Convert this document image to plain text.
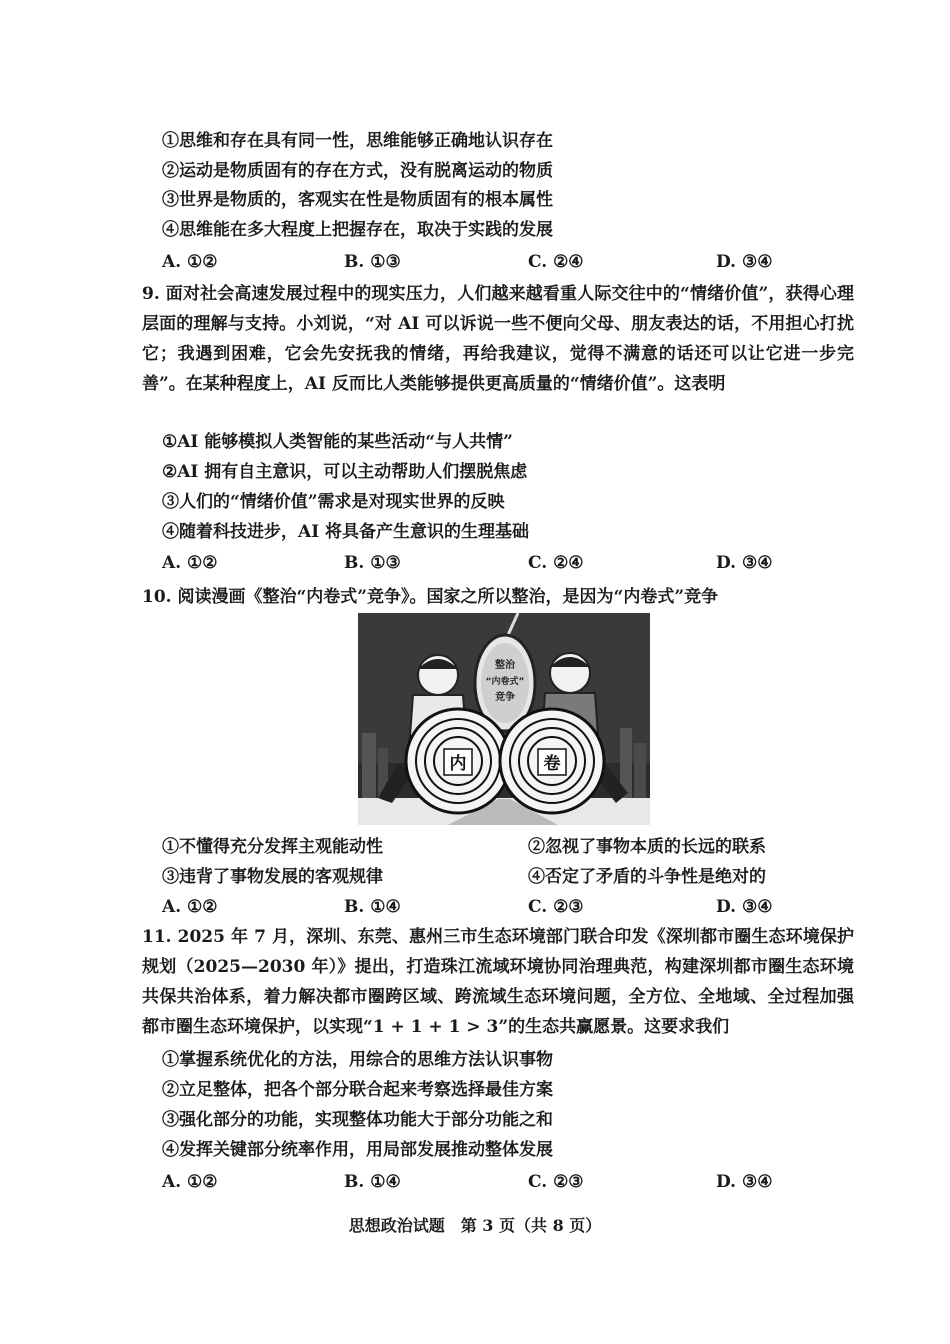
①思维和存在具有同一性，思维能够正确地认识存在
②运动是物质固有的存在方式，没有脱离运动的物质
③世界是物质的，客观实在性是物质固有的根本属性
④思维能在多大程度上把握存在，取决于实践的发展
A. ①②	B. ①③	C. ②④	D. ③④
9. 面对社会高速发展过程中的现实压力，人们越来越看重人际交往中的“情绪价值”，获得心理层面的理解与支持。小刘说，“对 AI 可以诉说一些不便向父母、朋友表达的话，不用担心打扰它；我遇到困难，它会先安抚我的情绪，再给我建议，觉得不满意的话还可以让它进一步完善”。在某种程度上，AI 反而比人类能够提供更高质量的“情绪价值”。这表明
①AI 能够模拟人类智能的某些活动“与人共情”
②AI 拥有自主意识，可以主动帮助人们摆脱焦虑
③人们的“情绪价值”需求是对现实世界的反映
④随着科技进步，AI 将具备产生意识的生理基础
A. ①②	B. ①③	C. ②④	D. ③④
10. 阅读漫画《整治“内卷式”竞争》。国家之所以整治，是因为“内卷式”竞争
整治
“内卷式”
竞争
内	卷
①不懂得充分发挥主观能动性	②忽视了事物本质的长远的联系
③违背了事物发展的客观规律	④否定了矛盾的斗争性是绝对的
A. ①②	B. ①④	C. ②③	D. ③④
11. 2025 年 7 月，深圳、东莞、惠州三市生态环境部门联合印发《深圳都市圈生态环境保护规划（2025—2030 年）》提出，打造珠江流域环境协同治理典范，构建深圳都市圈生态环境共保共治体系，着力解决都市圈跨区域、跨流域生态环境问题，全方位、全地域、全过程加强都市圈生态环境保护，以实现“1 + 1 + 1 > 3”的生态共赢愿景。这要求我们
①掌握系统优化的方法，用综合的思维方法认识事物
②立足整体，把各个部分联合起来考察选择最佳方案
③强化部分的功能，实现整体功能大于部分功能之和
④发挥关键部分统率作用，用局部发展推动整体发展
A. ①②	B. ①④	C. ②③	D. ③④
思想政治试题　第 3 页（共 8 页）
